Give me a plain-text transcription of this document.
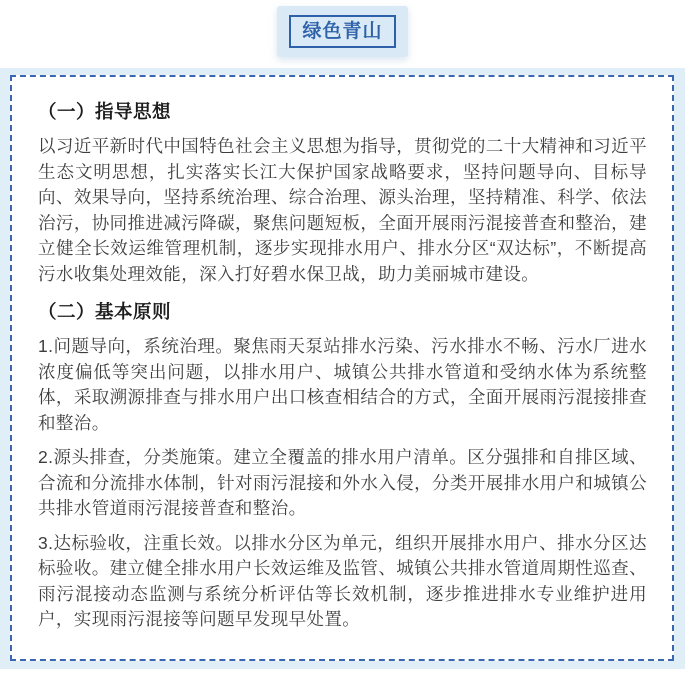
绿色青山
（一）指导思想

以习近平新时代中国特色社会主义思想为指导，贯彻党的二十大精神和习近平生态文明思想，扎实落实长江大保护国家战略要求，坚持问题导向、目标导向、效果导向，坚持系统治理、综合治理、源头治理，坚持精准、科学、依法治污，协同推进减污降碳，聚焦问题短板，全面开展雨污混接普查和整治，建立健全长效运维管理机制，逐步实现排水用户、排水分区“双达标”，不断提高污水收集处理效能，深入打好碧水保卫战，助力美丽城市建设。

（二）基本原则

1.问题导向，系统治理。聚焦雨天泵站排水污染、污水排水不畅、污水厂进水浓度偏低等突出问题，以排水用户、城镇公共排水管道和受纳水体为系统整体，采取溯源排查与排水用户出口核查相结合的方式，全面开展雨污混接排查和整治。

2.源头排查，分类施策。建立全覆盖的排水用户清单。区分强排和自排区域、合流和分流排水体制，针对雨污混接和外水入侵，分类开展排水用户和城镇公共排水管道雨污混接普查和整治。

3.达标验收，注重长效。以排水分区为单元，组织开展排水用户、排水分区达标验收。建立健全排水用户长效运维及监管、城镇公共排水管道周期性巡查、雨污混接动态监测与系统分析评估等长效机制，逐步推进排水专业维护进用户，实现雨污混接等问题早发现早处置。
